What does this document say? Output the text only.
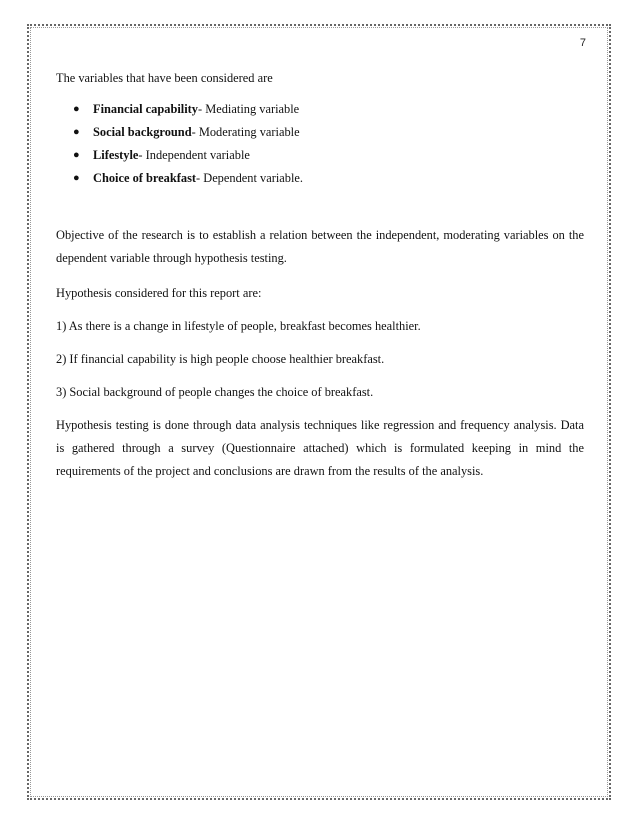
7

The variables that have been considered are

● Financial capability- Mediating variable
● Social background- Moderating variable
● Lifestyle- Independent variable
● Choice of breakfast- Dependent variable.

Objective of the research is to establish a relation between the independent, moderating variables on the dependent variable through hypothesis testing.

Hypothesis considered for this report are:

1) As there is a change in lifestyle of people, breakfast becomes healthier.

2) If financial capability is high people choose healthier breakfast.

3) Social background of people changes the choice of breakfast.

Hypothesis testing is done through data analysis techniques like regression and frequency analysis. Data is gathered through a survey (Questionnaire attached) which is formulated keeping in mind the requirements of the project and conclusions are drawn from the results of the analysis.
